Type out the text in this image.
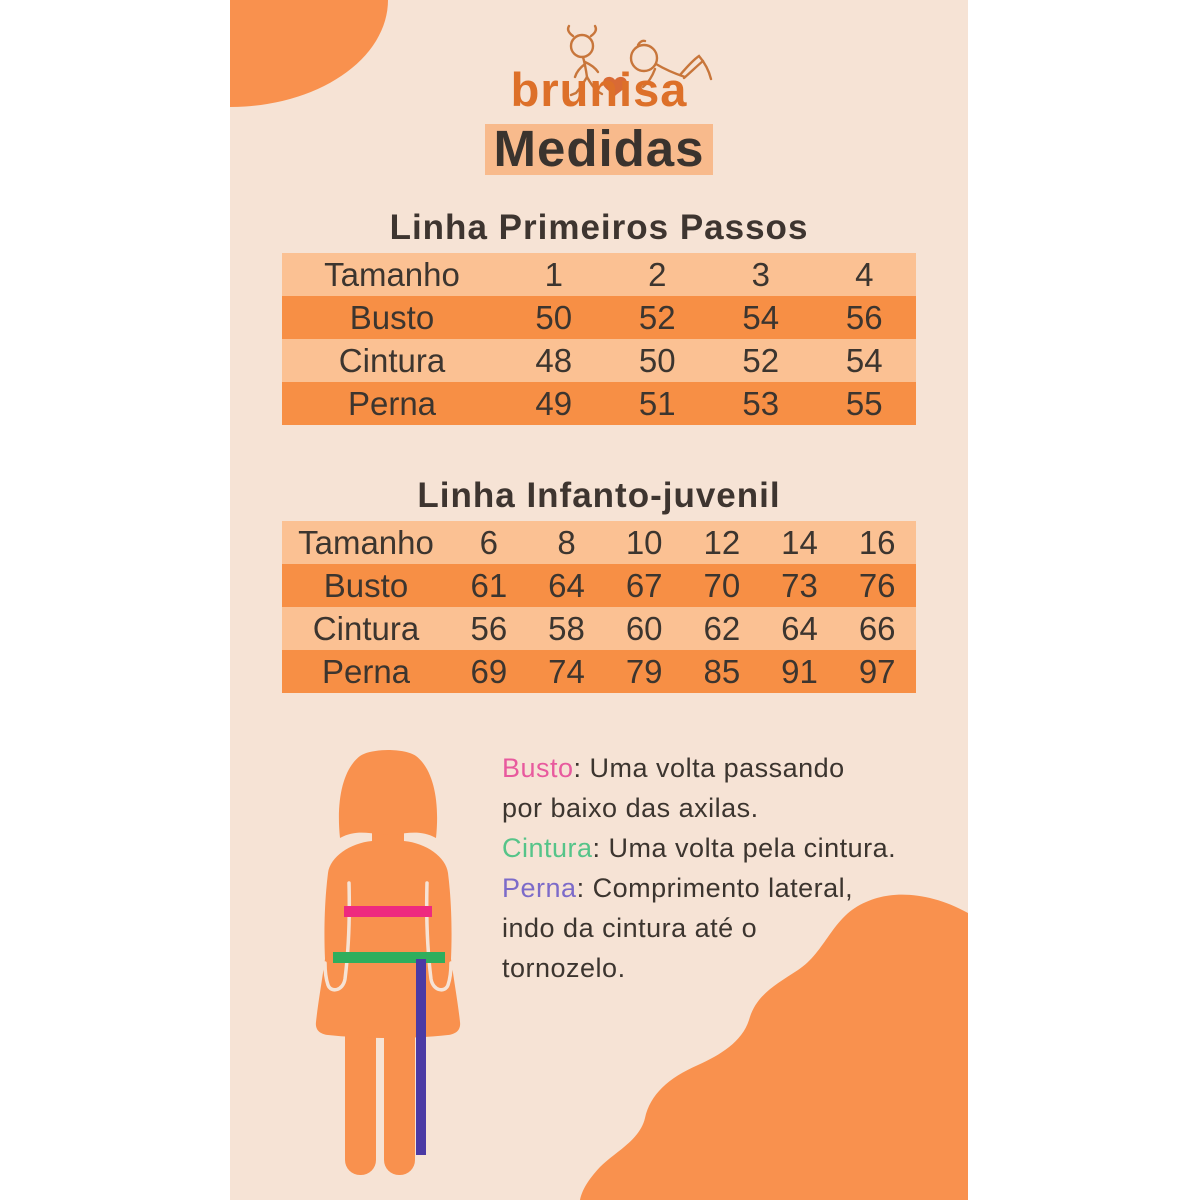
brunisa
Medidas
Linha Primeiros Passos
Tamanho	1	2	3	4
Busto	50	52	54	56
Cintura	48	50	52	54
Perna	49	51	53	55
Linha Infanto-juvenil
Tamanho	6	8	10	12	14	16
Busto	61	64	67	70	73	76
Cintura	56	58	60	62	64	66
Perna	69	74	79	85	91	97
Busto: Uma volta passando
por baixo das axilas.
Cintura: Uma volta pela cintura.
Perna: Comprimento lateral,
indo da cintura até o
tornozelo.
